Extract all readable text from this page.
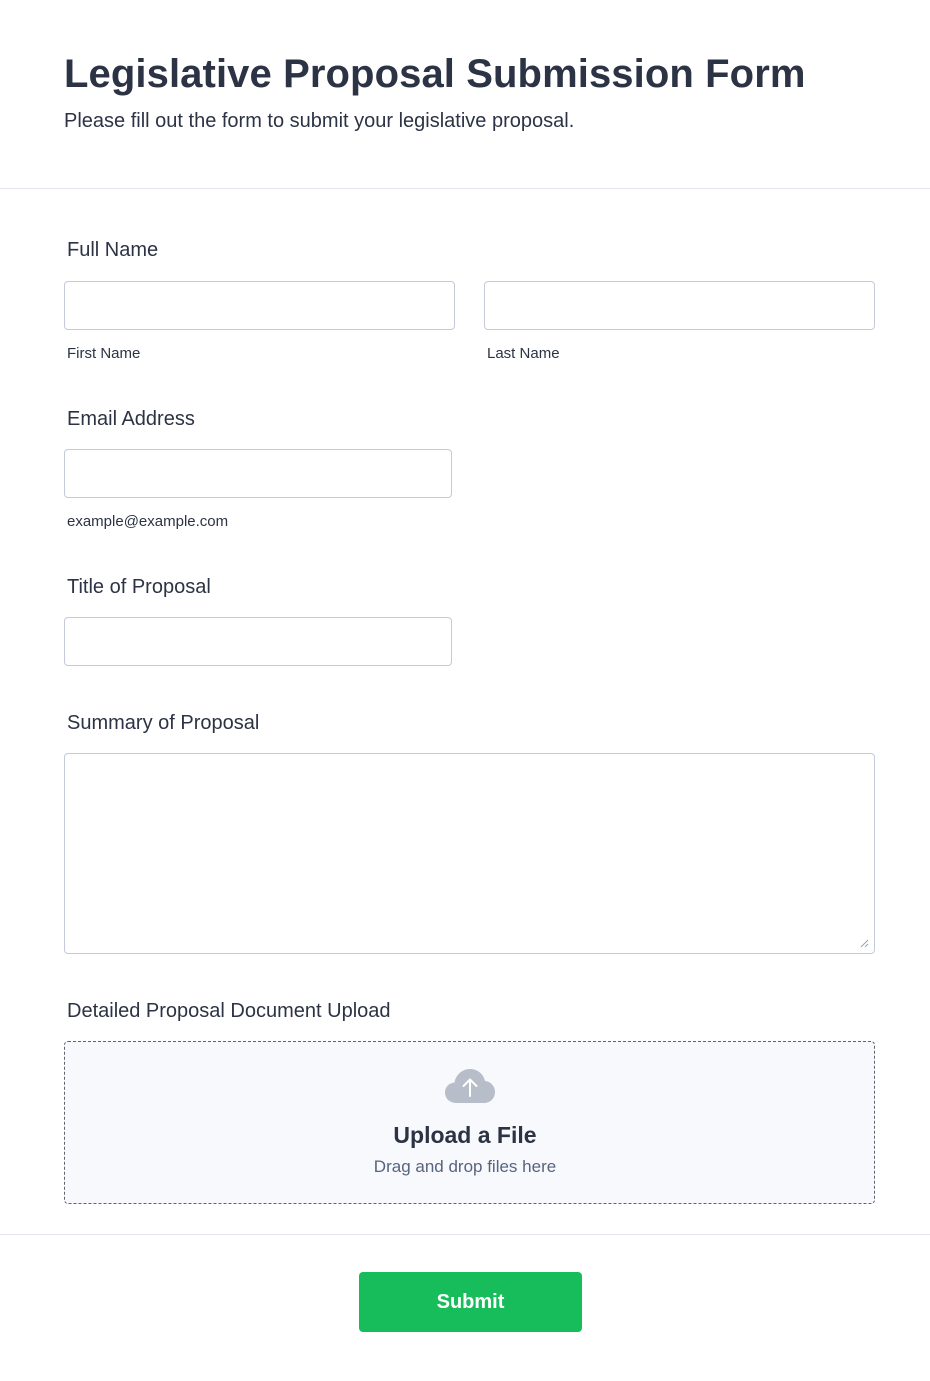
Legislative Proposal Submission Form

Please fill out the form to submit your legislative proposal.

Full Name
First Name	Last Name
Email Address
example@example.com
Title of Proposal
Summary of Proposal
Detailed Proposal Document Upload
Upload a File
Drag and drop files here
Submit
